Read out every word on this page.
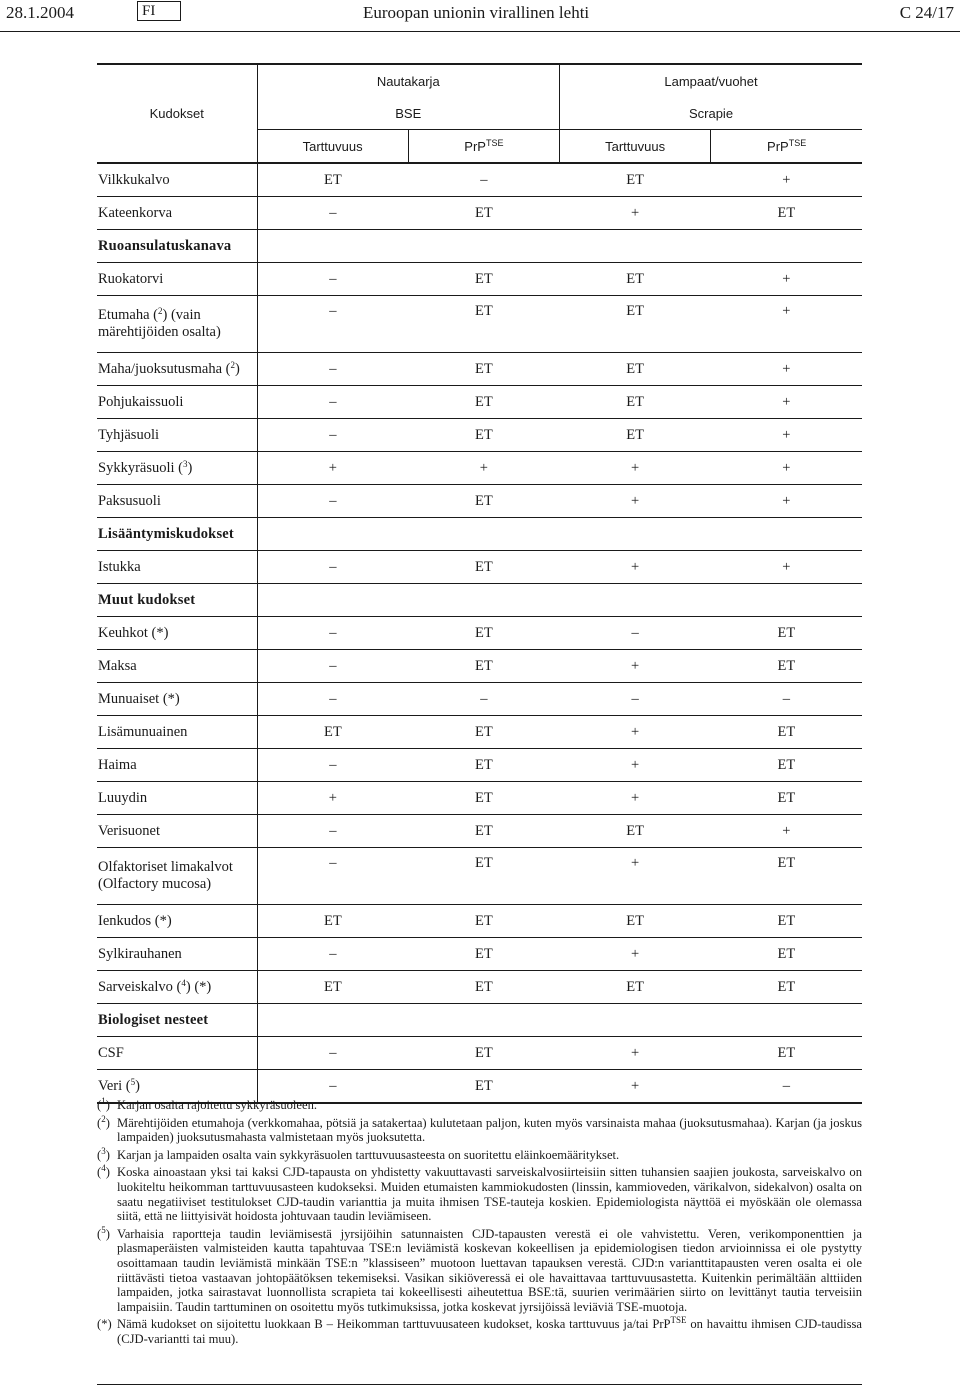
28.1.2004	FI	Euroopan unionin virallinen lehti	C 24/17
Kudokset	Nautakarja		Lampaat/vuohet	
	BSE		Scrapie	
	Tarttuvuus	PrP$^{TSE}$	Tarttuvuus	PrP$^{TSE}$
Vilkkukalvo	ET	–	ET	+
Kateenkorva	–	ET	+	ET
Ruoansulatuskanava				
Ruokatorvi	–	ET	ET	+
Etumaha ($^2$) (vain märehtijöiden osalta)	–	ET	ET	+
Maha/juoksutusmaha ($^2$)	–	ET	ET	+
Pohjukaissuoli	–	ET	ET	+
Tyhjäsuoli	–	ET	ET	+
Sykkyräsuoli ($^3$)	+	+	+	+
Paksusuoli	–	ET	+	+
Lisääntymiskudokset				
Istukka	–	ET	+	+
Muut kudokset				
Keuhkot (*)	–	ET	–	ET
Maksa	–	ET	+	ET
Munuaiset (*)	–	–	–	–
Lisämunuainen	ET	ET	+	ET
Haima	–	ET	+	ET
Luuydin	+	ET	+	ET
Verisuonet	–	ET	ET	+
Olfaktoriset limakalvot (Olfactory mucosa)	–	ET	+	ET
Ienkudos (*)	ET	ET	ET	ET
Sylkirauhanen	–	ET	+	ET
Sarveiskalvo ($^4$) (*)	ET	ET	ET	ET
Biologiset nesteet				
CSF	–	ET	+	ET
Veri ($^5$)	–	ET	+	–
($^1$) Karjan osalta rajoitettu sykkyräsuoleen.
($^2$) Märehtijöiden etumahoja (verkkomahaa, pötsiä ja satakertaa) kulutetaan paljon, kuten myös varsinaista mahaa (juoksutusmahaa). Karjan (ja joskus lampaiden) juoksutusmahasta valmistetaan myös juoksutetta.
($^3$) Karjan ja lampaiden osalta vain sykkyräsuolen tarttuvuusasteesta on suoritettu eläinkoemääritykset.
($^4$) Koska ainoastaan yksi tai kaksi CJD-tapausta on yhdistetty vakuuttavasti sarveiskalvosiirteisiin sitten tuhansien saajien joukosta, sarveiskalvo on luokiteltu heikomman tarttuvuusasteen kudokseksi. Muiden etumaisten kammiokudosten (linssin, kammioveden, värikalvon, sidekalvon) osalta on saatu negatiiviset testitulokset CJD-taudin varianttia ja muita ihmisen TSE-tauteja koskien. Epidemiologista näyttöä ei myöskään ole olemassa siitä, että ne liittyisivät hoidosta johtuvaan taudin leviämiseen.
($^5$) Varhaisia raportteja taudin leviämisestä jyrsijöihin satunnaisten CJD-tapausten verestä ei ole vahvistettu. Veren, verikomponenttien ja plasmaperäisten valmisteiden kautta tapahtuvaa TSE:n leviämistä koskevan kokeellisen ja epidemiologisen tiedon arvioinnissa ei ole pystytty osoittamaan taudin leviämistä minkään TSE:n ”klassiseen” muotoon luettavan tapauksen verestä. CJD:n varianttitapausten veren osalta ei ole riittävästi tietoa vastaavan johtopäätöksen tekemiseksi. Vasikan sikiöveressä ei ole havaittavaa tarttuvuusastetta. Kuitenkin perimältään alttiiden lampaiden, jotka sairastavat luonnollista scrapieta tai kokeellisesti aiheutettua BSE:tä, suurien verimäärien siirto on levittänyt tautia terveisiin lampaisiin. Taudin tarttuminen on osoitettu myös tutkimuksissa, jotka koskevat jyrsijöissä leviäviä TSE-muotoja.
(*) Nämä kudokset on sijoitettu luokkaan B – Heikomman tarttuvuusateen kudokset, koska tarttuvuus ja/tai PrP$^{TSE}$ on havaittu ihmisen CJD-taudissa (CJD-variantti tai muu).
